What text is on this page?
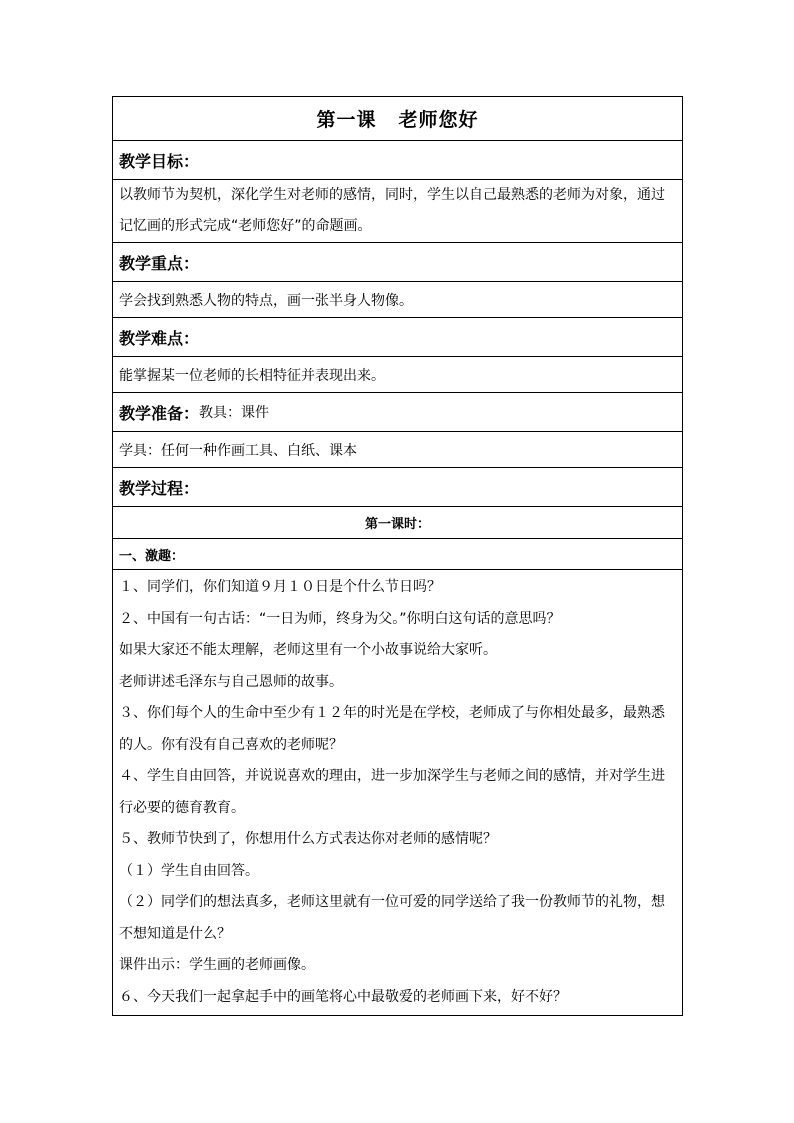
第一课 老师您好
教学目标：
以教师节为契机，深化学生对老师的感情，同时，学生以自己最熟悉的老师为对象，通过记忆画的形式完成“老师您好”的命题画。
教学重点：
学会找到熟悉人物的特点，画一张半身人物像。
教学难点：
能掌握某一位老师的长相特征并表现出来。
教学准备： 教具：课件
学具：任何一种作画工具、白纸、课本
教学过程：
第一课时：
一、激趣：

１、同学们，你们知道９月１０日是个什么节日吗？

２、中国有一句古话：“一日为师，终身为父。”你明白这句话的意思吗？

如果大家还不能太理解，老师这里有一个小故事说给大家听。

老师讲述毛泽东与自己恩师的故事。

３、你们每个人的生命中至少有１２年的时光是在学校，老师成了与你相处最多，最熟悉的人。你有没有自己喜欢的老师呢？

４、学生自由回答，并说说喜欢的理由，进一步加深学生与老师之间的感情，并对学生进行必要的德育教育。

５、教师节快到了，你想用什么方式表达你对老师的感情呢？

（１）学生自由回答。

（２）同学们的想法真多，老师这里就有一位可爱的同学送给了我一份教师节的礼物，想不想知道是什么？

课件出示：学生画的老师画像。

６、今天我们一起拿起手中的画笔将心中最敬爱的老师画下来，好不好？
